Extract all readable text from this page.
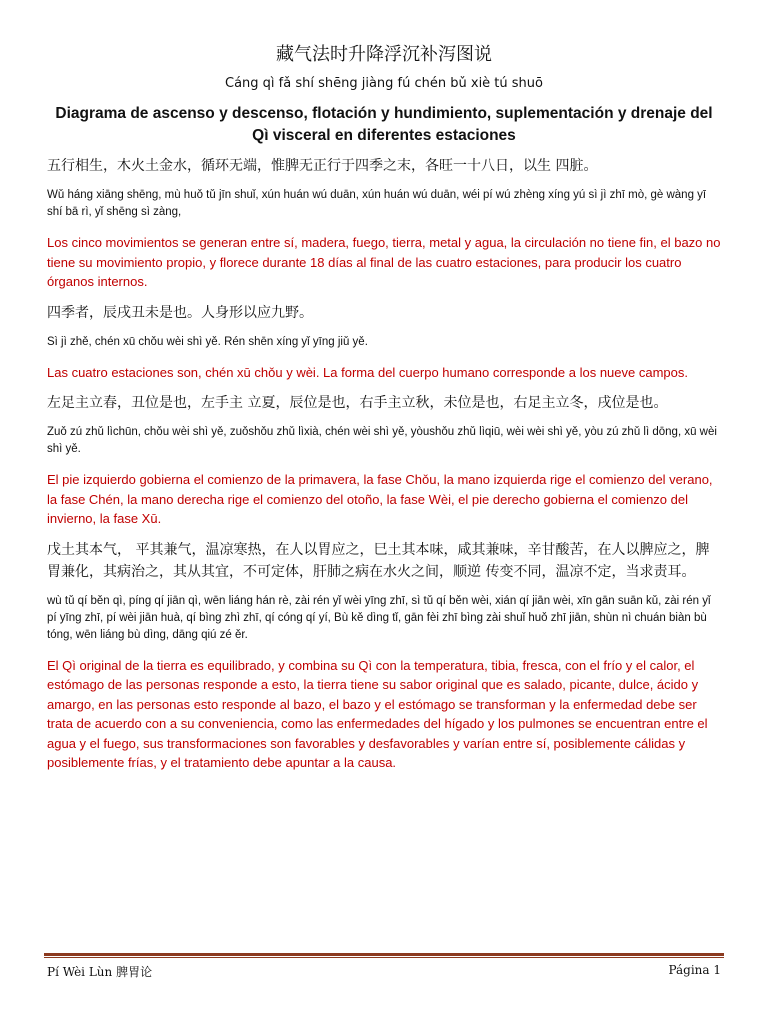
藏气法时升降浮沉补泻图说
Cáng qì fǎ shí shēng jiàng fú chén bǔ xiè tú shuō
Diagrama de ascenso y descenso, flotación y hundimiento, suplementación y drenaje del Qì visceral en diferentes estaciones

五行相生，木火土金水，循环无端，惟脾无正行于四季之末，各旺一十八日，以生 四脏。

Wǔ háng xiāng shēng, mù huǒ tǔ jīn shuǐ, xún huán wú duān, xún huán wú duān, wéi pí wú zhèng xíng yú sì jì zhī mò, gè wàng yī shí bā rì, yǐ shēng sì zàng,

Los cinco movimientos se generan entre sí, madera, fuego, tierra, metal y agua, la circulación no tiene fin, el bazo no tiene su movimiento propio, y florece durante 18 días al final de las cuatro estaciones, para producir los cuatro órganos internos.

四季者，辰戌丑未是也。人身形以应九野。

Sì jì zhě, chén xū chǒu wèi shì yě. Rén shēn xíng yǐ yīng jiǔ yě.

Las cuatro estaciones son, chén xū chǒu y wèi. La forma del cuerpo humano corresponde a los nueve campos.

左足主立春，丑位是也，左手主 立夏，辰位是也，右手主立秋，未位是也，右足主立冬，戌位是也。

Zuǒ zú zhǔ lìchūn, chǒu wèi shì yě, zuǒshǒu zhǔ lìxià, chén wèi shì yě, yòushǒu zhǔ lìqiū, wèi wèi shì yě, yòu zú zhǔ lì dōng, xū wèi shì yě.

El pie izquierdo gobierna el comienzo de la primavera, la fase Chǒu, la mano izquierda rige el comienzo del verano, la fase Chén, la mano derecha rige el comienzo del otoño, la fase Wèi, el pie derecho gobierna el comienzo del invierno, la fase Xū.

戊土其本气， 平其兼气，温凉寒热，在人以胃应之，巳土其本味，咸其兼味，辛甘酸苦，在人以脾应之，脾胃兼化，其病治之，其从其宜，不可定体，肝肺之病在水火之间，顺逆 传变不同，温凉不定，当求责耳。

wù tǔ qí běn qì, píng qí jiān qì, wēn liáng hán rè, zài rén yǐ wèi yīng zhī, sì tǔ qí běn wèi, xián qí jiān wèi, xīn gān suān kǔ, zài rén yǐ pí yīng zhī, pí wèi jiān huà, qí bìng zhì zhī, qí cóng qí yí, Bù kě dìng tǐ, gān fèi zhī bìng zài shuǐ huǒ zhī jiān, shùn nì chuán biàn bù tóng, wēn liáng bù dìng, dāng qiú zé ěr.

El Qì original de la tierra es equilibrado, y combina su Qì con la temperatura, tibia, fresca, con el frío y el calor, el estómago de las personas responde a esto, la tierra tiene su sabor original que es salado, picante, dulce, ácido y amargo, en las personas esto responde al bazo, el bazo y el estómago se transforman y la enfermedad debe ser trata de acuerdo con a su conveniencia, como las enfermedades del hígado y los pulmones se encuentran entre el agua y el fuego, sus transformaciones son favorables y desfavorables y varían entre sí, posiblemente cálidas y posiblemente frías, y el tratamiento debe apuntar a la causa.

Pí Wèi Lùn 脾胃论	Página 1
